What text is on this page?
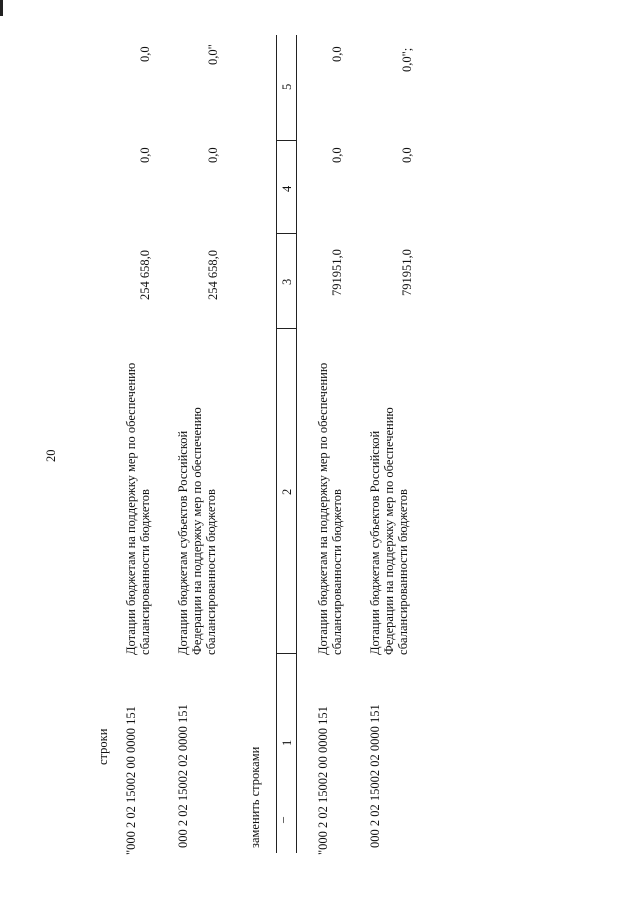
20
строки "000 2 02 15002 00 0000 151
Дотации бюджетам на поддержку мер по обеспечению сбалансированности бюджетов
254 658,0
0,0
0,0
000 2 02 15002 02 0000 151
Дотации бюджетам субъектов Российской Федерации на поддержку мер по обеспечению сбалансированности бюджетов
254 658,0
0,0
0,0"
заменить строками
1
2
3
4
5
"000 2 02 15002 00 0000 151
Дотации бюджетам на поддержку мер по обеспечению сбалансированности бюджетов
791951,0
0,0
0,0
000 2 02 15002 02 0000 151
Дотации бюджетам субъектов Российской Федерации на поддержку мер по обеспечению сбалансированности бюджетов
791951,0
0,0
0,0";
